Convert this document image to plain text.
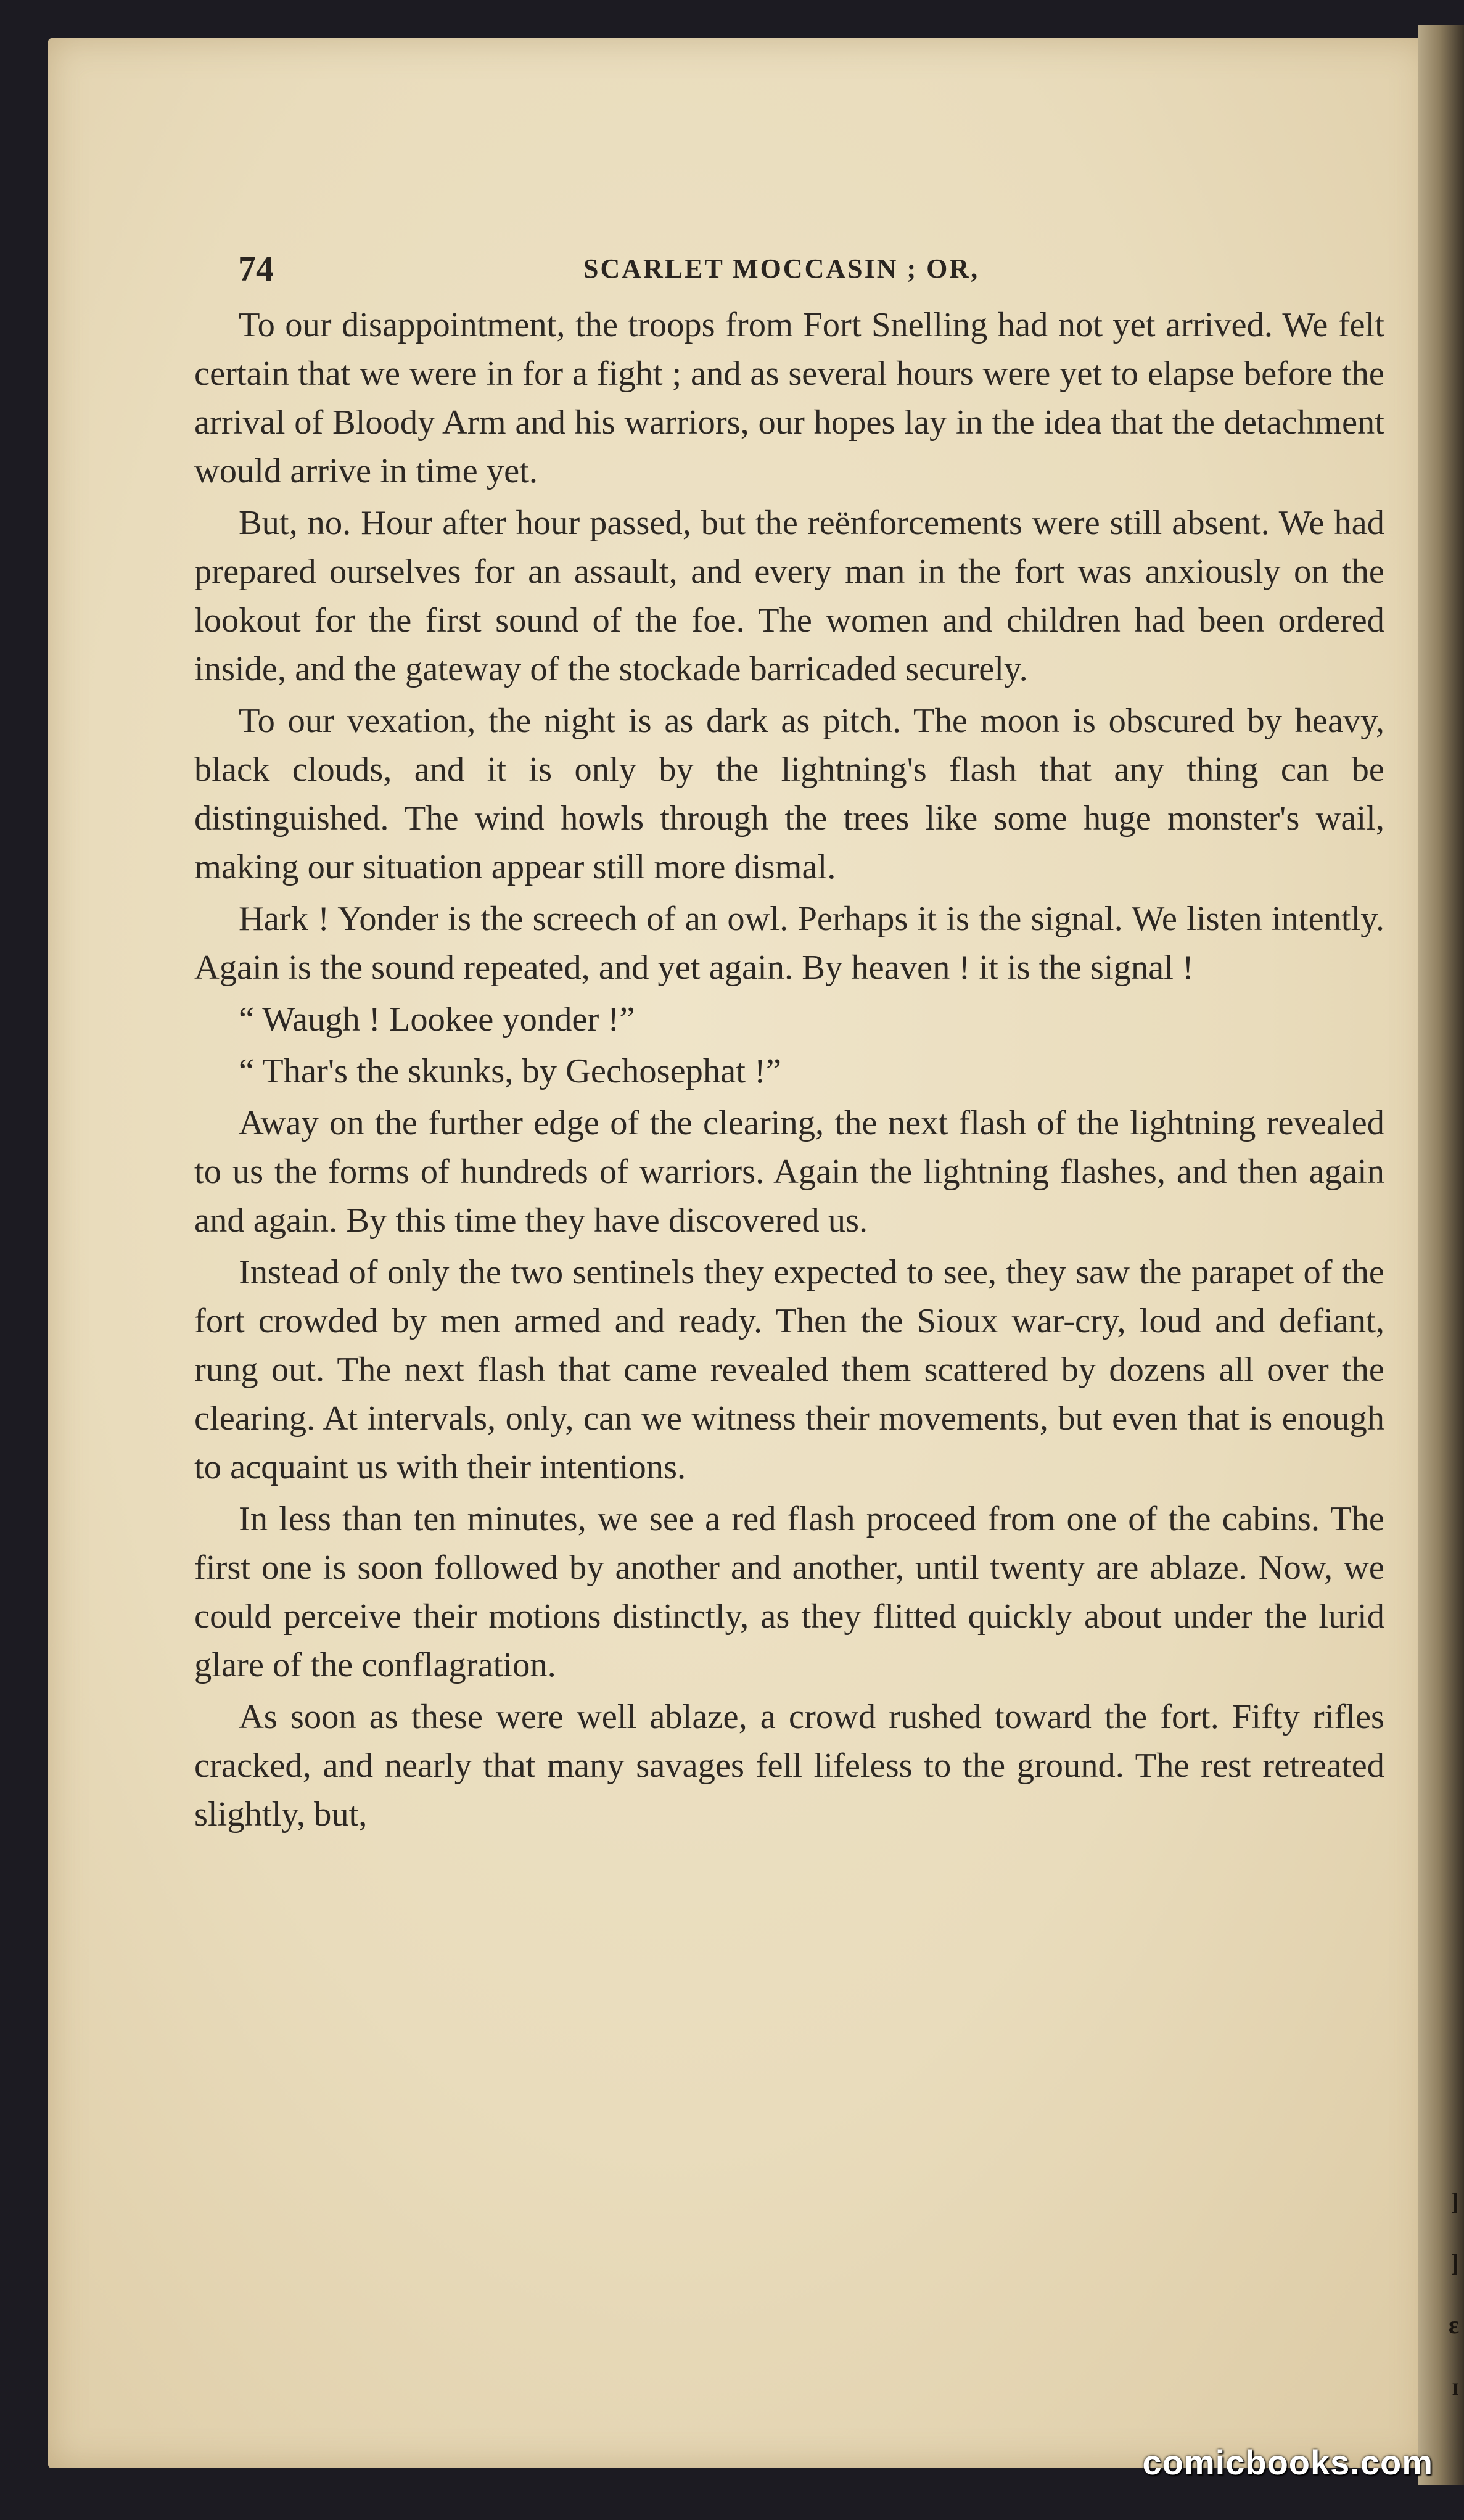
74	SCARLET MOCCASIN ; OR,
]
]
ɛ
ɪ

To our disappointment, the troops from Fort Snelling had not yet arrived. We felt certain that we were in for a fight ; and as several hours were yet to elapse before the arrival of Bloody Arm and his warriors, our hopes lay in the idea that the detachment would arrive in time yet.

But, no. Hour after hour passed, but the reënforcements were still absent. We had prepared ourselves for an assault, and every man in the fort was anxiously on the lookout for the first sound of the foe. The women and children had been ordered inside, and the gateway of the stockade barricaded securely.

To our vexation, the night is as dark as pitch. The moon is obscured by heavy, black clouds, and it is only by the lightning's flash that any thing can be distinguished. The wind howls through the trees like some huge monster's wail, making our situation appear still more dismal.

Hark ! Yonder is the screech of an owl. Perhaps it is the signal. We listen intently. Again is the sound repeated, and yet again. By heaven ! it is the signal !

“ Waugh ! Lookee yonder !”

“ Thar's the skunks, by Gechosephat !”

Away on the further edge of the clearing, the next flash of the lightning revealed to us the forms of hundreds of warriors. Again the lightning flashes, and then again and again. By this time they have discovered us.

Instead of only the two sentinels they expected to see, they saw the parapet of the fort crowded by men armed and ready. Then the Sioux war-cry, loud and defiant, rung out. The next flash that came revealed them scattered by dozens all over the clearing. At intervals, only, can we witness their movements, but even that is enough to acquaint us with their intentions.

In less than ten minutes, we see a red flash proceed from one of the cabins. The first one is soon followed by another and another, until twenty are ablaze. Now, we could perceive their motions distinctly, as they flitted quickly about under the lurid glare of the conflagration.

As soon as these were well ablaze, a crowd rushed toward the fort. Fifty rifles cracked, and nearly that many savages fell lifeless to the ground. The rest retreated slightly, but,

comicbooks.com
